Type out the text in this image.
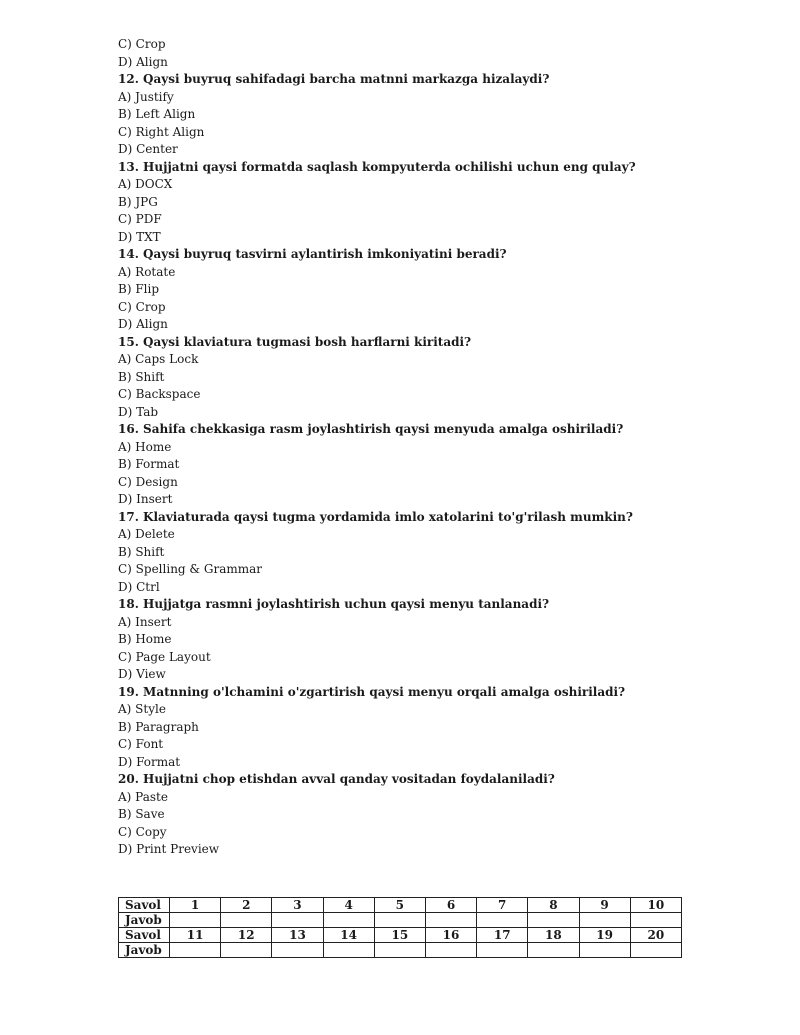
C) Crop
D) Align
12. Qaysi buyruq sahifadagi barcha matnni markazga hizalaydi?
A) Justify
B) Left Align
C) Right Align
D) Center
13. Hujjatni qaysi formatda saqlash kompyuterda ochilishi uchun eng qulay?
A) DOCX
B) JPG
C) PDF
D) TXT
14. Qaysi buyruq tasvirni aylantirish imkoniyatini beradi?
A) Rotate
B) Flip
C) Crop
D) Align
15. Qaysi klaviatura tugmasi bosh harflarni kiritadi?
A) Caps Lock
B) Shift
C) Backspace
D) Tab
16. Sahifa chekkasiga rasm joylashtirish qaysi menyuda amalga oshiriladi?
A) Home
B) Format
C) Design
D) Insert
17. Klaviaturada qaysi tugma yordamida imlo xatolarini to'g'rilash mumkin?
A) Delete
B) Shift
C) Spelling & Grammar
D) Ctrl
18. Hujjatga rasmni joylashtirish uchun qaysi menyu tanlanadi?
A) Insert
B) Home
C) Page Layout
D) View
19. Matnning o'lchamini o'zgartirish qaysi menyu orqali amalga oshiriladi?
A) Style
B) Paragraph
C) Font
D) Format
20. Hujjatni chop etishdan avval qanday vositadan foydalaniladi?
A) Paste
B) Save
C) Copy
D) Print Preview
Savol	1	2	3	4	5	6	7	8	9	10
Javob										
Savol	11	12	13	14	15	16	17	18	19	20
Javob										
